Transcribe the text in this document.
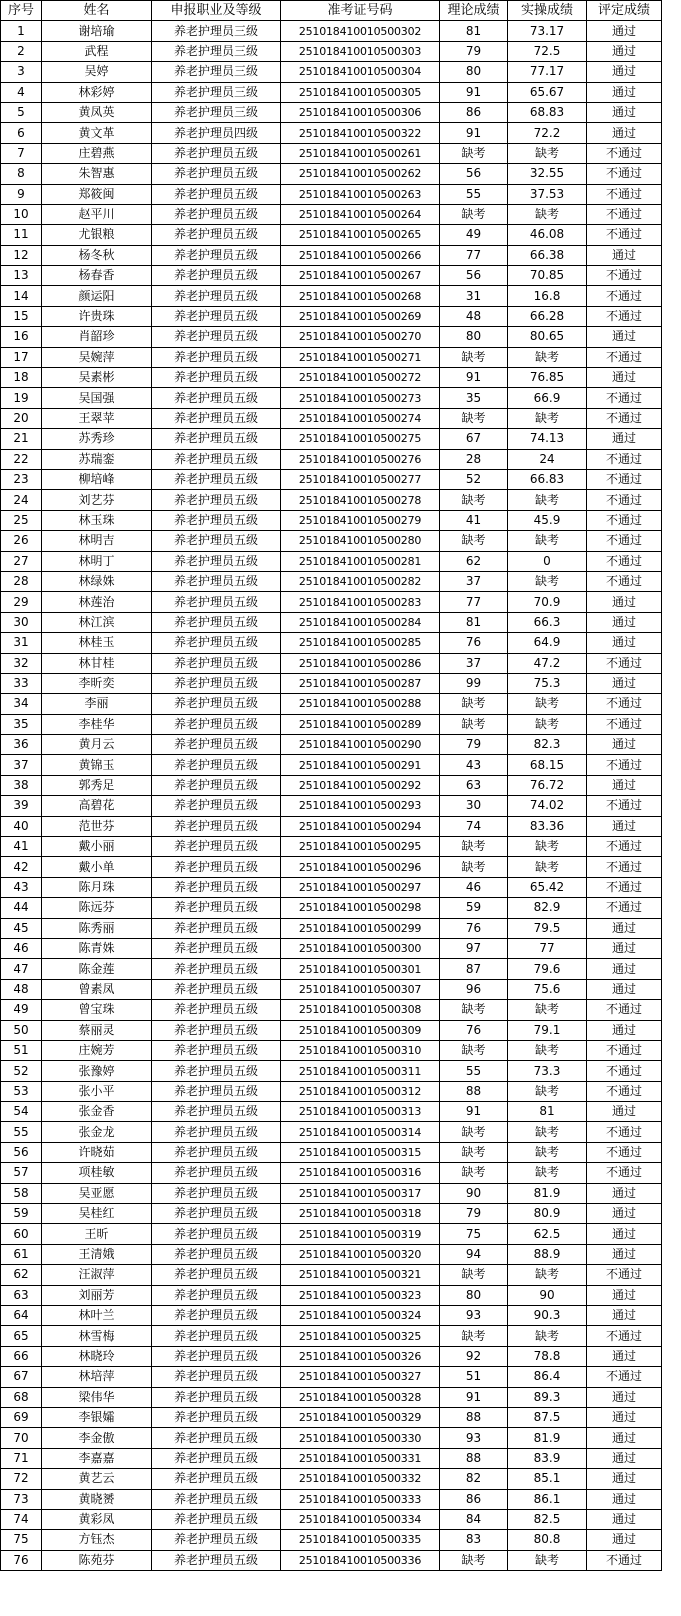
序号	姓名	申报职业及等级	准考证号码	理论成绩	实操成绩	评定成绩
1	谢培瑜	养老护理员三级	251018410010500302	81	73.17	通过
2	武程	养老护理员三级	251018410010500303	79	72.5	通过
3	吴婷	养老护理员三级	251018410010500304	80	77.17	通过
4	林彩婷	养老护理员三级	251018410010500305	91	65.67	通过
5	黄凤英	养老护理员三级	251018410010500306	86	68.83	通过
6	黄文革	养老护理员四级	251018410010500322	91	72.2	通过
7	庄碧燕	养老护理员五级	251018410010500261	缺考	缺考	不通过
8	朱智惠	养老护理员五级	251018410010500262	56	32.55	不通过
9	郑筱闽	养老护理员五级	251018410010500263	55	37.53	不通过
10	赵平川	养老护理员五级	251018410010500264	缺考	缺考	不通过
11	尤银粮	养老护理员五级	251018410010500265	49	46.08	不通过
12	杨冬秋	养老护理员五级	251018410010500266	77	66.38	通过
13	杨春香	养老护理员五级	251018410010500267	56	70.85	不通过
14	颜运阳	养老护理员五级	251018410010500268	31	16.8	不通过
15	许贵珠	养老护理员五级	251018410010500269	48	66.28	不通过
16	肖韶珍	养老护理员五级	251018410010500270	80	80.65	通过
17	吴婉萍	养老护理员五级	251018410010500271	缺考	缺考	不通过
18	吴素彬	养老护理员五级	251018410010500272	91	76.85	通过
19	吴国强	养老护理员五级	251018410010500273	35	66.9	不通过
20	王翠苹	养老护理员五级	251018410010500274	缺考	缺考	不通过
21	苏秀珍	养老护理员五级	251018410010500275	67	74.13	通过
22	苏瑞銮	养老护理员五级	251018410010500276	28	24	不通过
23	柳培峰	养老护理员五级	251018410010500277	52	66.83	不通过
24	刘艺芬	养老护理员五级	251018410010500278	缺考	缺考	不通过
25	林玉珠	养老护理员五级	251018410010500279	41	45.9	不通过
26	林明吉	养老护理员五级	251018410010500280	缺考	缺考	不通过
27	林明丁	养老护理员五级	251018410010500281	62	0	不通过
28	林绿姝	养老护理员五级	251018410010500282	37	缺考	不通过
29	林莲治	养老护理员五级	251018410010500283	77	70.9	通过
30	林江滨	养老护理员五级	251018410010500284	81	66.3	通过
31	林桂玉	养老护理员五级	251018410010500285	76	64.9	通过
32	林甘桂	养老护理员五级	251018410010500286	37	47.2	不通过
33	李昕奕	养老护理员五级	251018410010500287	99	75.3	通过
34	李丽	养老护理员五级	251018410010500288	缺考	缺考	不通过
35	李桂华	养老护理员五级	251018410010500289	缺考	缺考	不通过
36	黄月云	养老护理员五级	251018410010500290	79	82.3	通过
37	黄锦玉	养老护理员五级	251018410010500291	43	68.15	不通过
38	郭秀足	养老护理员五级	251018410010500292	63	76.72	通过
39	高碧花	养老护理员五级	251018410010500293	30	74.02	不通过
40	范世芬	养老护理员五级	251018410010500294	74	83.36	通过
41	戴小丽	养老护理员五级	251018410010500295	缺考	缺考	不通过
42	戴小单	养老护理员五级	251018410010500296	缺考	缺考	不通过
43	陈月珠	养老护理员五级	251018410010500297	46	65.42	不通过
44	陈远芬	养老护理员五级	251018410010500298	59	82.9	不通过
45	陈秀丽	养老护理员五级	251018410010500299	76	79.5	通过
46	陈青姝	养老护理员五级	251018410010500300	97	77	通过
47	陈金莲	养老护理员五级	251018410010500301	87	79.6	通过
48	曾素凤	养老护理员五级	251018410010500307	96	75.6	通过
49	曾宝珠	养老护理员五级	251018410010500308	缺考	缺考	不通过
50	蔡丽灵	养老护理员五级	251018410010500309	76	79.1	通过
51	庄婉芳	养老护理员五级	251018410010500310	缺考	缺考	不通过
52	张豫婷	养老护理员五级	251018410010500311	55	73.3	不通过
53	张小平	养老护理员五级	251018410010500312	88	缺考	不通过
54	张金香	养老护理员五级	251018410010500313	91	81	通过
55	张金龙	养老护理员五级	251018410010500314	缺考	缺考	不通过
56	许晓茹	养老护理员五级	251018410010500315	缺考	缺考	不通过
57	项桂敏	养老护理员五级	251018410010500316	缺考	缺考	不通过
58	吴亚愿	养老护理员五级	251018410010500317	90	81.9	通过
59	吴桂红	养老护理员五级	251018410010500318	79	80.9	通过
60	王昕	养老护理员五级	251018410010500319	75	62.5	通过
61	王清娥	养老护理员五级	251018410010500320	94	88.9	通过
62	汪淑萍	养老护理员五级	251018410010500321	缺考	缺考	不通过
63	刘丽芳	养老护理员五级	251018410010500323	80	90	通过
64	林叶兰	养老护理员五级	251018410010500324	93	90.3	通过
65	林雪梅	养老护理员五级	251018410010500325	缺考	缺考	不通过
66	林晓玲	养老护理员五级	251018410010500326	92	78.8	通过
67	林培萍	养老护理员五级	251018410010500327	51	86.4	不通过
68	梁伟华	养老护理员五级	251018410010500328	91	89.3	通过
69	李银孀	养老护理员五级	251018410010500329	88	87.5	通过
70	李金傲	养老护理员五级	251018410010500330	93	81.9	通过
71	李嘉嘉	养老护理员五级	251018410010500331	88	83.9	通过
72	黄艺云	养老护理员五级	251018410010500332	82	85.1	通过
73	黄晓赟	养老护理员五级	251018410010500333	86	86.1	通过
74	黄彩凤	养老护理员五级	251018410010500334	84	82.5	通过
75	方钰杰	养老护理员五级	251018410010500335	83	80.8	通过
76	陈苑芬	养老护理员五级	251018410010500336	缺考	缺考	不通过
